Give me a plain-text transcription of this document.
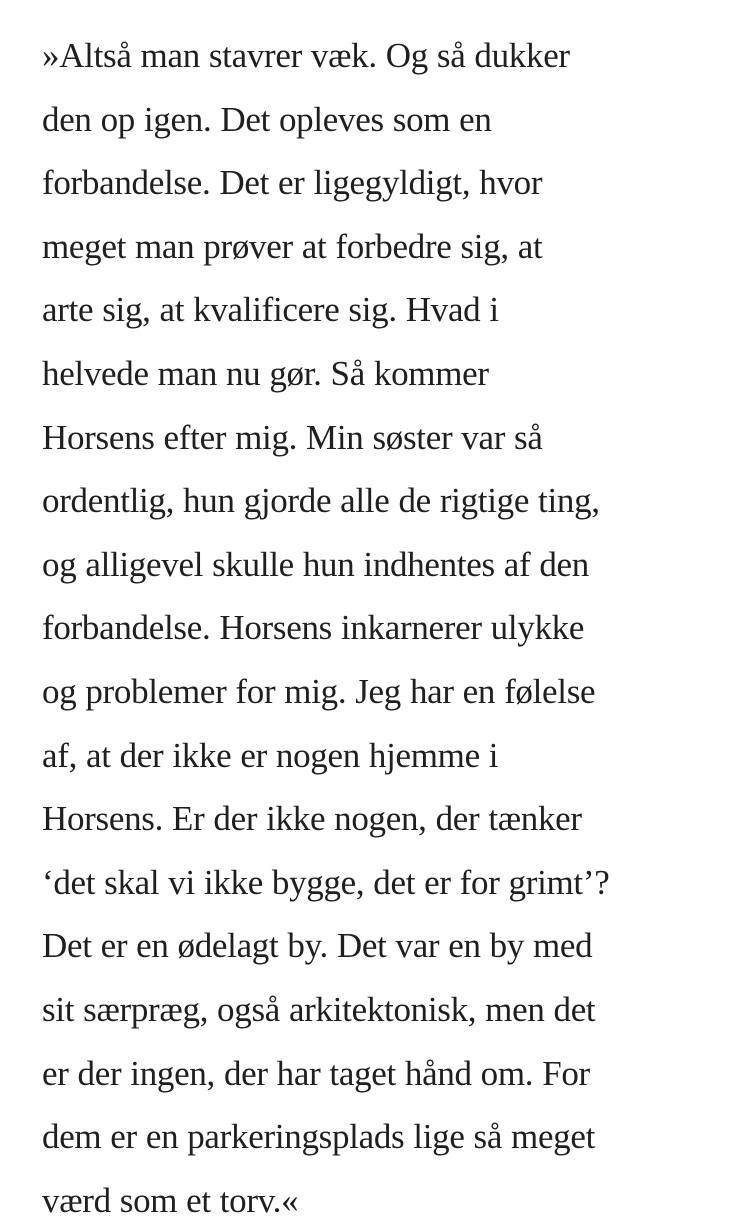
»Altså man stavrer væk. Og så dukker
den op igen. Det opleves som en
forbandelse. Det er ligegyldigt, hvor
meget man prøver at forbedre sig, at
arte sig, at kvalificere sig. Hvad i
helvede man nu gør. Så kommer
Horsens efter mig. Min søster var så
ordentlig, hun gjorde alle de rigtige ting,
og alligevel skulle hun indhentes af den
forbandelse. Horsens inkarnerer ulykke
og problemer for mig. Jeg har en følelse
af, at der ikke er nogen hjemme i
Horsens. Er der ikke nogen, der tænker
‘det skal vi ikke bygge, det er for grimt’?
Det er en ødelagt by. Det var en by med
sit særpræg, også arkitektonisk, men det
er der ingen, der har taget hånd om. For
dem er en parkeringsplads lige så meget
værd som et torv.«
